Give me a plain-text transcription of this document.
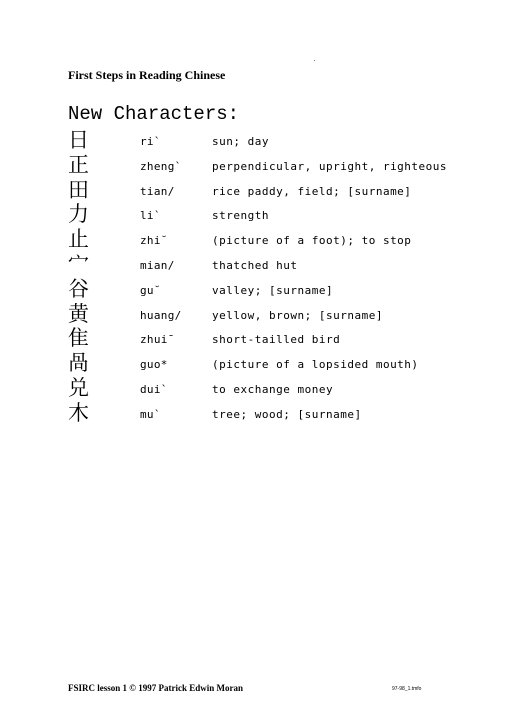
First Steps in Reading Chinese
New Characters:
日	ri`	sun; day
正	zheng`	perpendicular, upright, righteous
田	tian/	rice paddy, field; [surname]
力	li`	strength
止	zhi˘	(picture of a foot); to stop
宀	mian/	thatched hut
谷	gu˘	valley; [surname]
黄	huang/	yellow, brown; [surname]
隹	zhui¯	short-tailled bird
咼	guo*	(picture of a lopsided mouth)
兑	dui`	to exchange money
木	mu`	tree; wood; [surname]
FSIRC lesson 1 © 1997 Patrick Edwin Moran	97-98_1.tmfo
